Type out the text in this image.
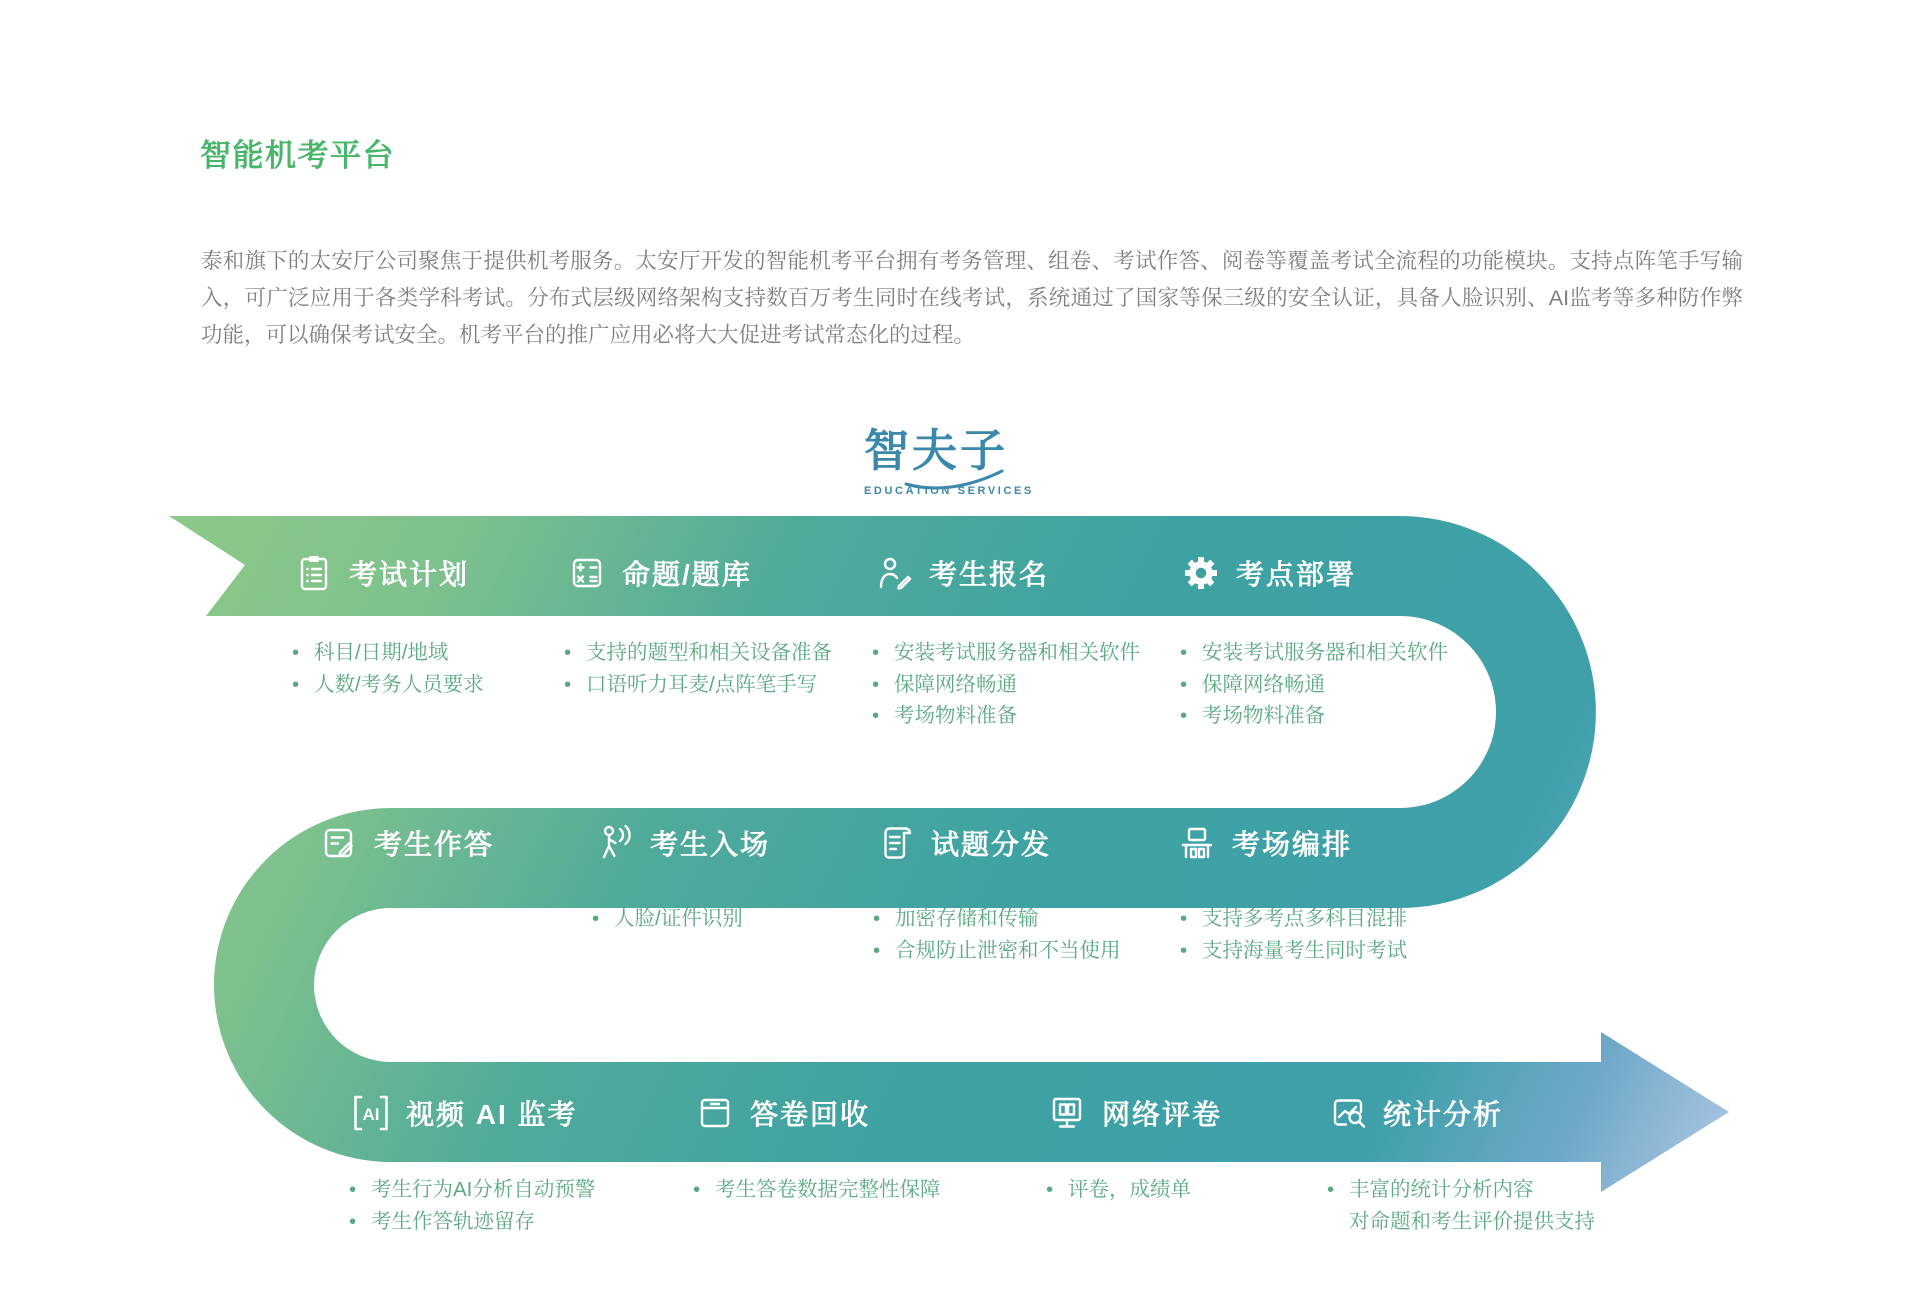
智能机考平台
泰和旗下的太安厅公司聚焦于提供机考服务。太安厅开发的智能机考平台拥有考务管理、组卷、考试作答、阅卷等覆盖考试全流程的功能模块。支持点阵笔手写输入，可广泛应用于各类学科考试。分布式层级网络架构支持数百万考生同时在线考试，系统通过了国家等保三级的安全认证，具备人脸识别、AI监考等多种防作弊功能，可以确保考试安全。机考平台的推广应用必将大大促进考试常态化的过程。
智夫子
EDUCATION SERVICES
考试计划	命题/题库	考生报名	考点部署
考生作答	考生入场	试题分发	考场编排
AI 视频 AI 监考	答卷回收	网络评卷	统计分析
• 科目/日期/地域
• 人数/考务人员要求
• 支持的题型和相关设备准备
• 口语听力耳麦/点阵笔手写
• 安装考试服务器和相关软件
• 保障网络畅通
• 考场物料准备
• 安装考试服务器和相关软件
• 保障网络畅通
• 考场物料准备
• 人脸/证件识别	• 加密存储和传输
• 合规防止泄密和不当使用
• 支持多考点多科目混排
• 支持海量考生同时考试
• 考生行为AI分析自动预警
• 考生作答轨迹留存
• 考生答卷数据完整性保障	• 评卷，成绩单	• 丰富的统计分析内容
对命题和考生评价提供支持
